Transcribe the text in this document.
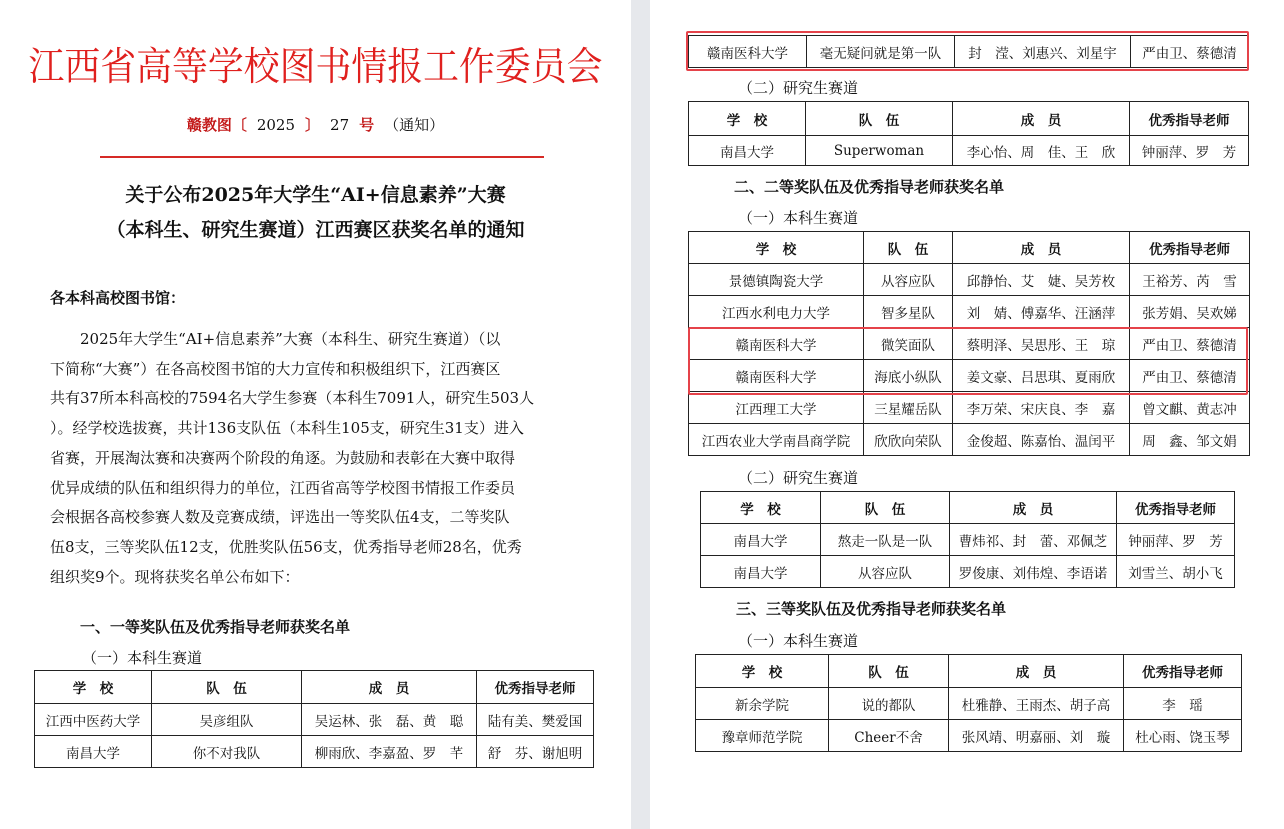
江西省高等学校图书情报工作委员会
赣教图〔 2025 〕 27 号 （通知）
关于公布2025年大学生“AI+信息素养”大赛
（本科生、研究生赛道）江西赛区获奖名单的通知
各本科高校图书馆：
2025年大学生“AI+信息素养”大赛（本科生、研究生赛道）（以
下简称“大赛”）在各高校图书馆的大力宣传和积极组织下，江西赛区
共有37所本科高校的7594名大学生参赛（本科生7091人，研究生503人
）。经学校选拔赛，共计136支队伍（本科生105支，研究生31支）进入
省赛，开展淘汰赛和决赛两个阶段的角逐。为鼓励和表彰在大赛中取得
优异成绩的队伍和组织得力的单位，江西省高等学校图书情报工作委员
会根据各高校参赛人数及竞赛成绩，评选出一等奖队伍4支，二等奖队
伍8支，三等奖队伍12支，优胜奖队伍56支，优秀指导老师28名，优秀
组织奖9个。现将获奖名单公布如下：
一、一等奖队伍及优秀指导老师获奖名单
（一）本科生赛道
学　校	队　伍	成　员	优秀指导老师
江西中医药大学	吴彦组队	吴运林、张　磊、黄　聪	陆有美、樊爱国
南昌大学	你不对我队	柳雨欣、李嘉盈、罗　芊	舒　芬、谢旭明
赣南医科大学	毫无疑问就是第一队	封　滢、刘惠兴、刘星宇	严由卫、蔡德清
（二）研究生赛道
学　校	队　伍	成　员	优秀指导老师
南昌大学	Superwoman	李心怡、周　佳、王　欣	钟丽萍、罗　芳
二、二等奖队伍及优秀指导老师获奖名单
（一）本科生赛道
学　校	队　伍	成　员	优秀指导老师
景德镇陶瓷大学	从容应队	邱静怡、艾　婕、吴芳枚	王裕芳、芮　雪
江西水利电力大学	智多星队	刘　婧、傅嘉华、汪涵萍	张芳娟、吴欢娣
赣南医科大学	微笑面队	蔡明泽、吴思彤、王　琼	严由卫、蔡德清
赣南医科大学	海底小纵队	姜文豪、吕思琪、夏雨欣	严由卫、蔡德清
江西理工大学	三星耀岳队	李万荣、宋庆良、李　嘉	曾文麒、黄志冲
江西农业大学南昌商学院	欣欣向荣队	金俊超、陈嘉怡、温闰平	周　鑫、邹文娟
（二）研究生赛道
学　校	队　伍	成　员	优秀指导老师
南昌大学	熬走一队是一队	曹炜祁、封　蕾、邓佩芝	钟丽萍、罗　芳
南昌大学	从容应队	罗俊康、刘伟煌、李语诺	刘雪兰、胡小飞
三、三等奖队伍及优秀指导老师获奖名单
（一）本科生赛道
学　校	队　伍	成　员	优秀指导老师
新余学院	说的都队	杜雅静、王雨杰、胡子高	李　瑶
豫章师范学院	Cheer不舍	张风靖、明嘉丽、刘　璇	杜心雨、饶玉琴
